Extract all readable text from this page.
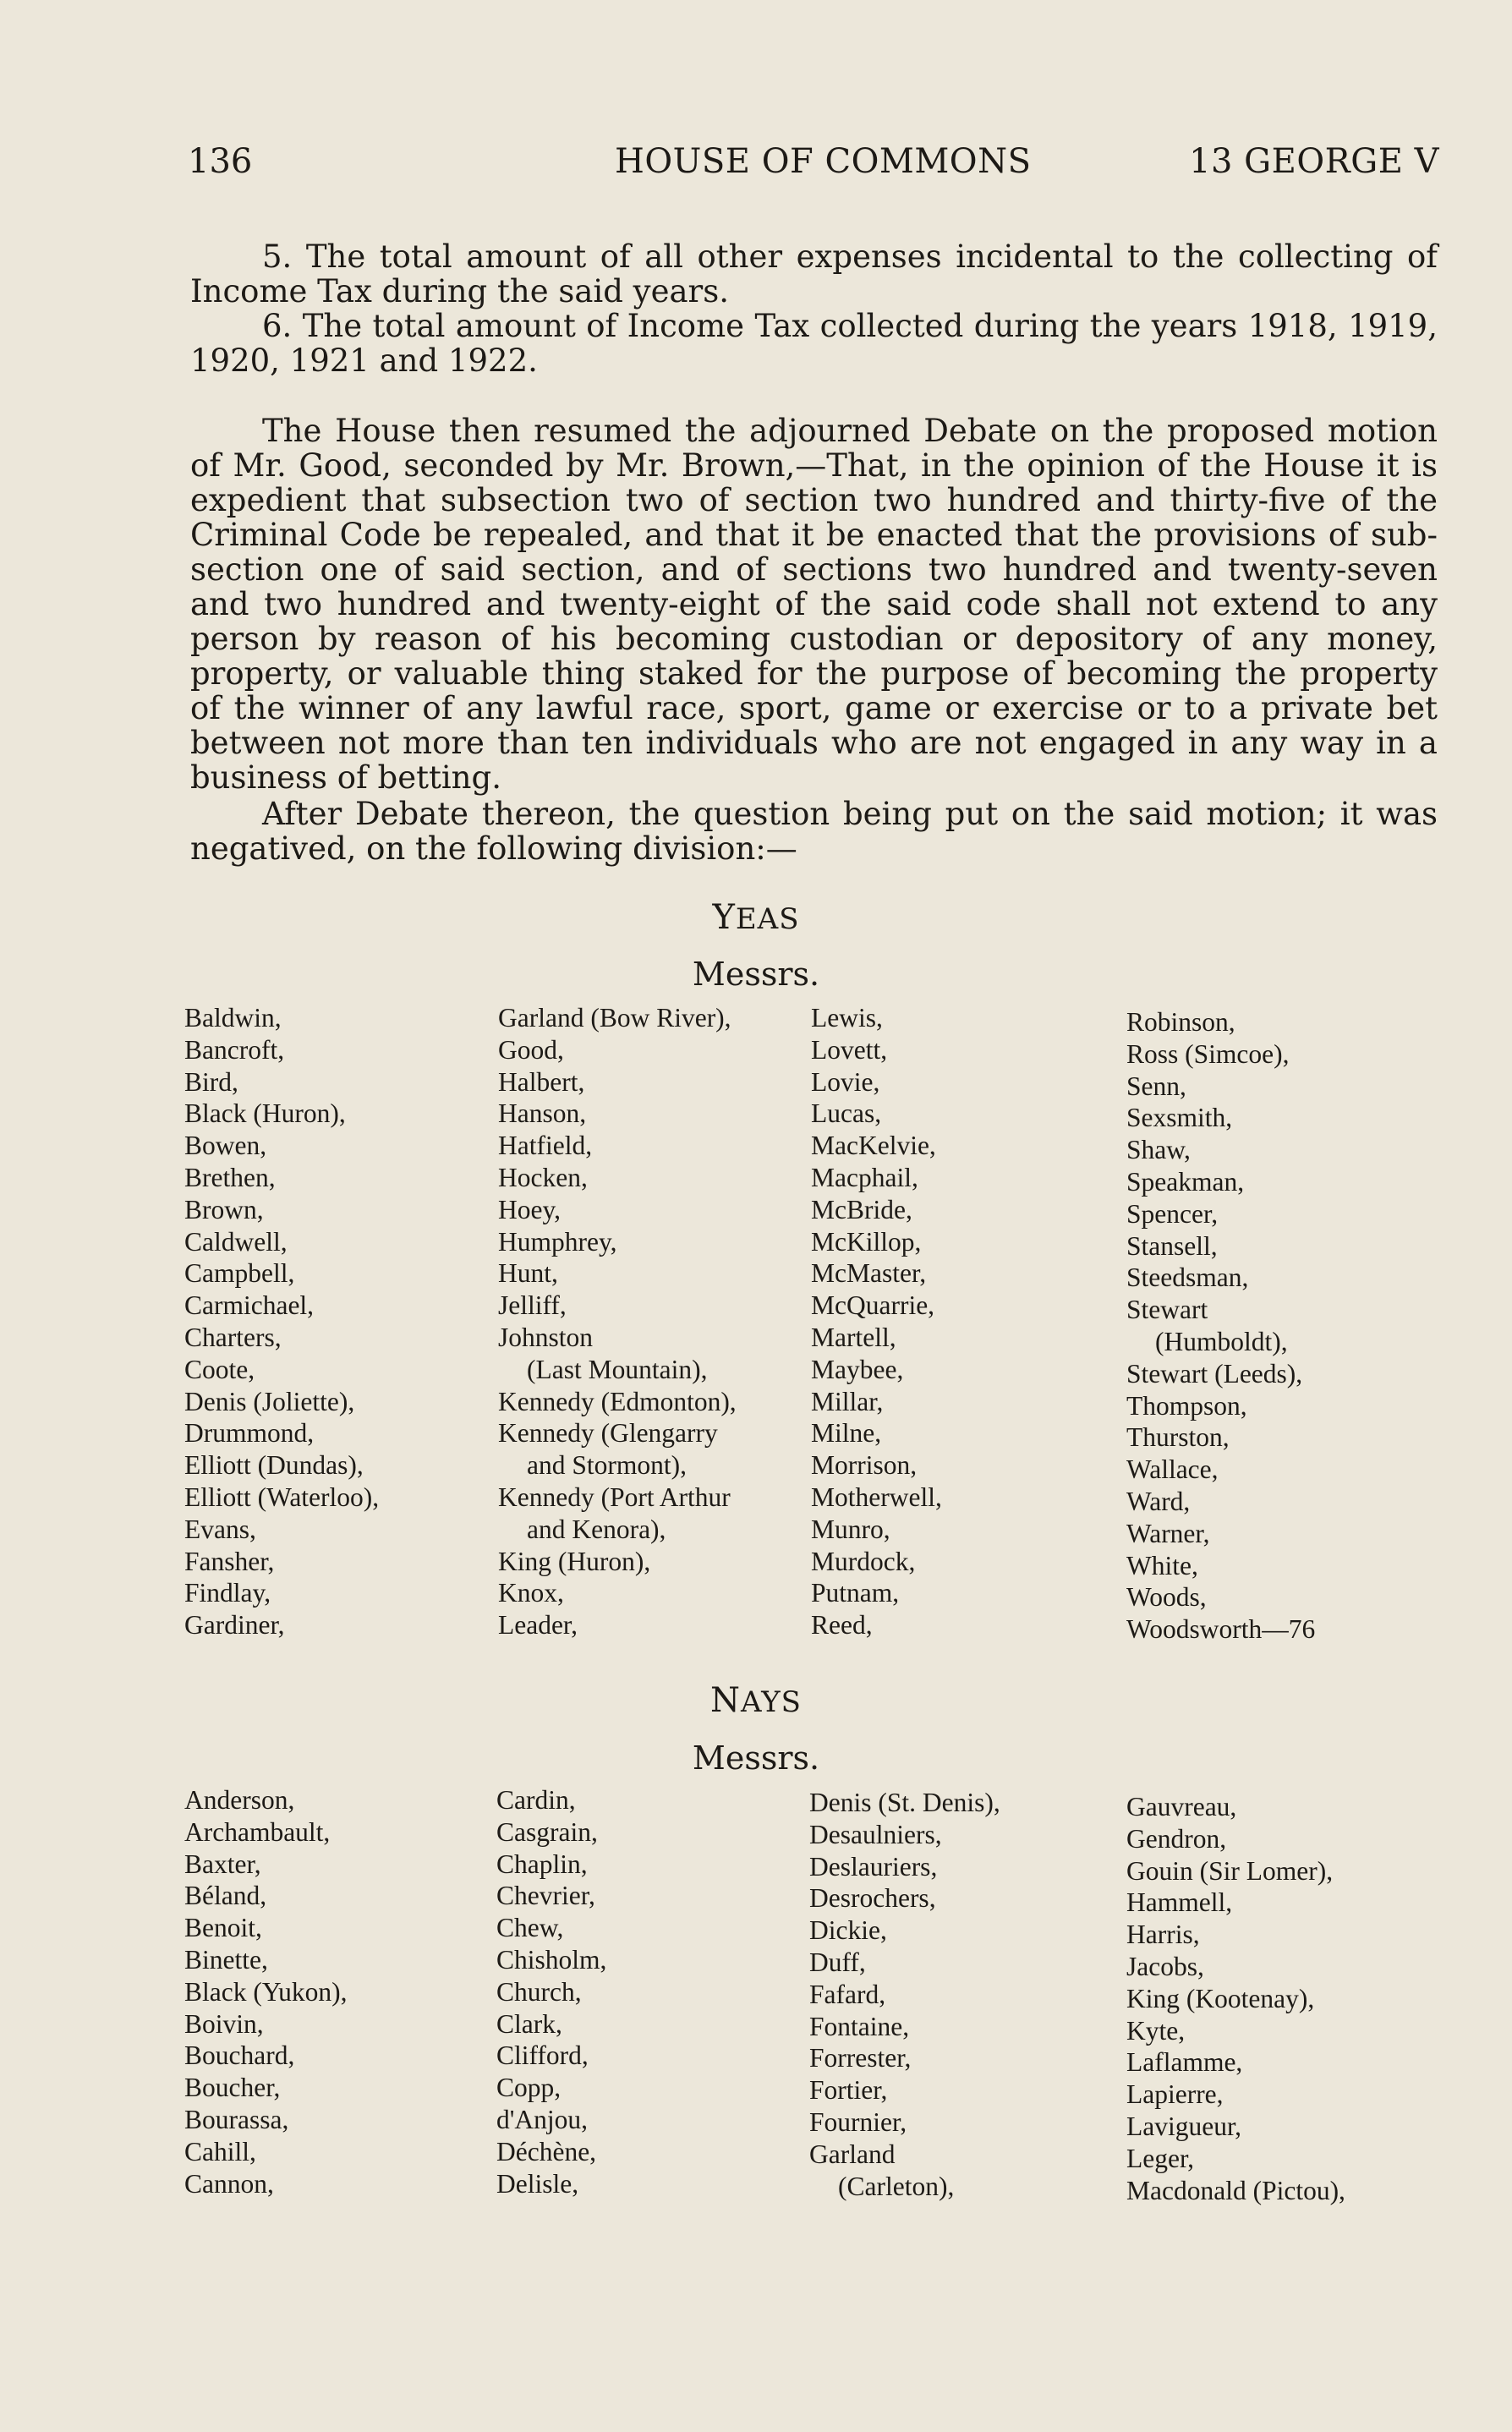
136	HOUSE OF COMMONS	13 GEORGE V

5. The total amount of all other expenses incidental to the collecting of Income Tax during the said years.

6. The total amount of Income Tax collected during the years 1918, 1919, 1920, 1921 and 1922.

The House then resumed the adjourned Debate on the proposed motion of Mr. Good, seconded by Mr. Brown,—That, in the opinion of the House it is expedient that subsection two of section two hundred and thirty-five of the Criminal Code be repealed, and that it be enacted that the provisions of sub-section one of said section, and of sections two hundred and twenty-seven and two hundred and twenty-eight of the said code shall not extend to any person by reason of his becoming custodian or depository of any money, property, or valuable thing staked for the purpose of becoming the property of the winner of any lawful race, sport, game or exercise or to a private bet between not more than ten individuals who are not engaged in any way in a business of betting.

After Debate thereon, the question being put on the said motion; it was negatived, on the following division:—

YEAS
Messrs.
Baldwin,
Bancroft,
Bird,
Black (Huron),
Bowen,
Brethen,
Brown,
Caldwell,
Campbell,
Carmichael,
Charters,
Coote,
Denis (Joliette),
Drummond,
Elliott (Dundas),
Elliott (Waterloo),
Evans,
Fansher,
Findlay,
Gardiner,
Garland (Bow River),
Good,
Halbert,
Hanson,
Hatfield,
Hocken,
Hoey,
Humphrey,
Hunt,
Jelliff,
Johnston
(Last Mountain),
Kennedy (Edmonton),
Kennedy (Glengarry
and Stormont),
Kennedy (Port Arthur
and Kenora),
King (Huron),
Knox,
Leader,
Lewis,
Lovett,
Lovie,
Lucas,
MacKelvie,
Macphail,
McBride,
McKillop,
McMaster,
McQuarrie,
Martell,
Maybee,
Millar,
Milne,
Morrison,
Motherwell,
Munro,
Murdock,
Putnam,
Reed,
Robinson,
Ross (Simcoe),
Senn,
Sexsmith,
Shaw,
Speakman,
Spencer,
Stansell,
Steedsman,
Stewart
(Humboldt),
Stewart (Leeds),
Thompson,
Thurston,
Wallace,
Ward,
Warner,
White,
Woods,
Woodsworth—76
NAYS
Messrs.
Anderson,
Archambault,
Baxter,
Béland,
Benoit,
Binette,
Black (Yukon),
Boivin,
Bouchard,
Boucher,
Bourassa,
Cahill,
Cannon,
Cardin,
Casgrain,
Chaplin,
Chevrier,
Chew,
Chisholm,
Church,
Clark,
Clifford,
Copp,
d'Anjou,
Déchène,
Delisle,
Denis (St. Denis),
Desaulniers,
Deslauriers,
Desrochers,
Dickie,
Duff,
Fafard,
Fontaine,
Forrester,
Fortier,
Fournier,
Garland
(Carleton),
Gauvreau,
Gendron,
Gouin (Sir Lomer),
Hammell,
Harris,
Jacobs,
King (Kootenay),
Kyte,
Laflamme,
Lapierre,
Lavigueur,
Leger,
Macdonald (Pictou),
